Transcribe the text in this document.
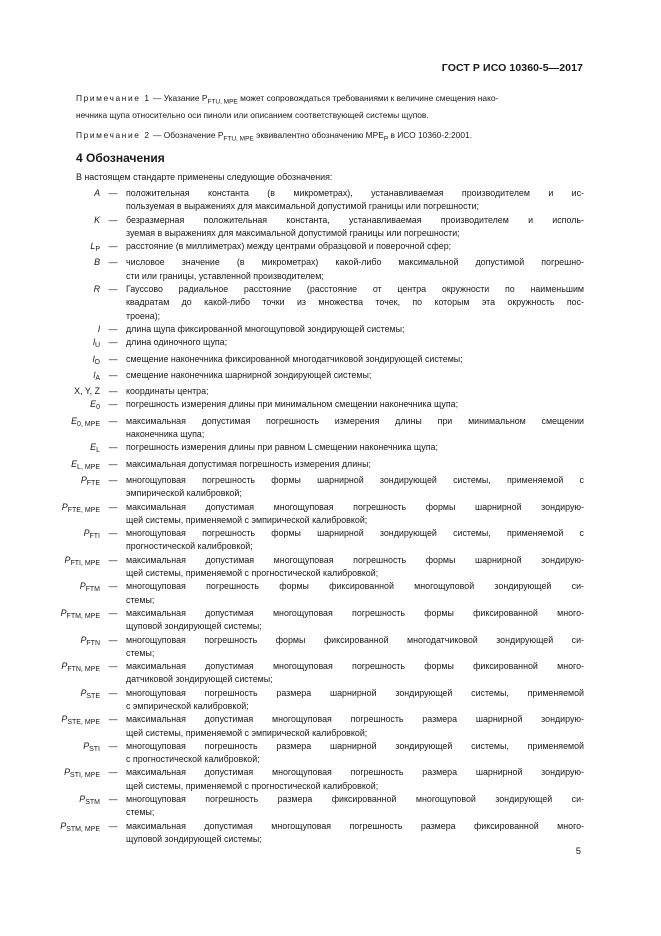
ГОСТ Р ИСО 10360-5—2017

Примечание 1 — Указание $P_{FTU, MPE}$ может сопровождаться требованиями к величине смещения нако-

нечника щупа относительно оси пиноли или описанием соответствующей системы щупов.

Примечание 2 — Обозначение $P_{FTU, MPE}$ эквивалентно обозначению $MPE_P$ в ИСО 10360-2:2001.

4 Обозначения
В настоящем стандарте применены следующие обозначения:
A — положительная константа (в микрометрах), устанавливаемая производителем и ис-
пользуемая в выражениях для максимальной допустимой границы или погрешности;
K — безразмерная положительная константа, устанавливаемая производителем и исполь-
зуемая в выражениях для максимальной допустимой границы или погрешности;
$L_P$ — расстояние (в миллиметрах) между центрами образцовой и поверочной сфер;
B — числовое значение (в микрометрах) какой-либо максимальной допустимой погрешно-
сти или границы, уставленной производителем;
R — Гауссово радиальное расстояние (расстояние от центра окружности по наименьшим
квадратам до какой-либо точки из множества точек, по которым эта окружность пос-
троена);
l — длина щупа фиксированной многощуповой зондирующей системы;
$l_U$ — длина одиночного щупа;
$l_O$ — смещение наконечника фиксированной многодатчиковой зондирующей системы;
$l_A$ — смещение наконечника шарнирной зондирующей системы;
X, Y, Z — координаты центра;
$E_0$ — погрешность измерения длины при минимальном смещении наконечника щупа;
$E_{0, MPE}$ — максимальная допустимая погрешность измерения длины при минимальном смещении
наконечника щупа;
$E_L$ — погрешность измерения длины при равном L смещении наконечника щупа;
$E_{L, MPE}$ — максимальная допустимая погрешность измерения длины;
$P_{FTE}$ — многощуповая погрешность формы шарнирной зондирующей системы, применяемой с
эмпирической калибровкой;
$P_{FTE, MPE}$ — максимальная допустимая многощуповая погрешность формы шарнирной зондирую-
щей системы, применяемой с эмпирической калибровкой;
$P_{FTI}$ — многощуповая погрешность формы шарнирной зондирующей системы, применяемой с
прогностической калибровкой;
$P_{FTI, MPE}$ — максимальная допустимая многощуповая погрешность формы шарнирной зондирую-
щей системы, применяемой с прогностической калибровкой;
$P_{FTM}$ — многощуповая погрешность формы фиксированной многощуповой зондирующей си-
стемы;
$P_{FTM, MPE}$ — максимальная допустимая многощуповая погрешность формы фиксированной много-
щуповой зондирующей системы;
$P_{FTN}$ — многощуповая погрешность формы фиксированной многодатчиковой зондирующей си-
стемы;
$P_{FTN, MPE}$ — максимальная допустимая многощуповая погрешность формы фиксированной много-
датчиковой зондирующей системы;
$P_{STE}$ — многощуповая погрешность размера шарнирной зондирующей системы, применяемой
с эмпирической калибровкой;
$P_{STE, MPE}$ — максимальная допустимая многощуповая погрешность размера шарнирной зондирую-
щей системы, применяемой с эмпирической калибровкой;
$P_{STI}$ — многощуповая погрешность размера шарнирной зондирующей системы, применяемой
с прогностической калибровкой;
$P_{STI, MPE}$ — максимальная допустимая многощуповая погрешность размера шарнирной зондирую-
щей системы, применяемой с прогностической калибровкой;
$P_{STM}$ — многощуповая погрешность размера фиксированной многощуповой зондирующей си-
стемы;
$P_{STM, MPE}$ — максимальная допустимая многощуповая погрешность размера фиксированной много-
щуповой зондирующей системы;
5
